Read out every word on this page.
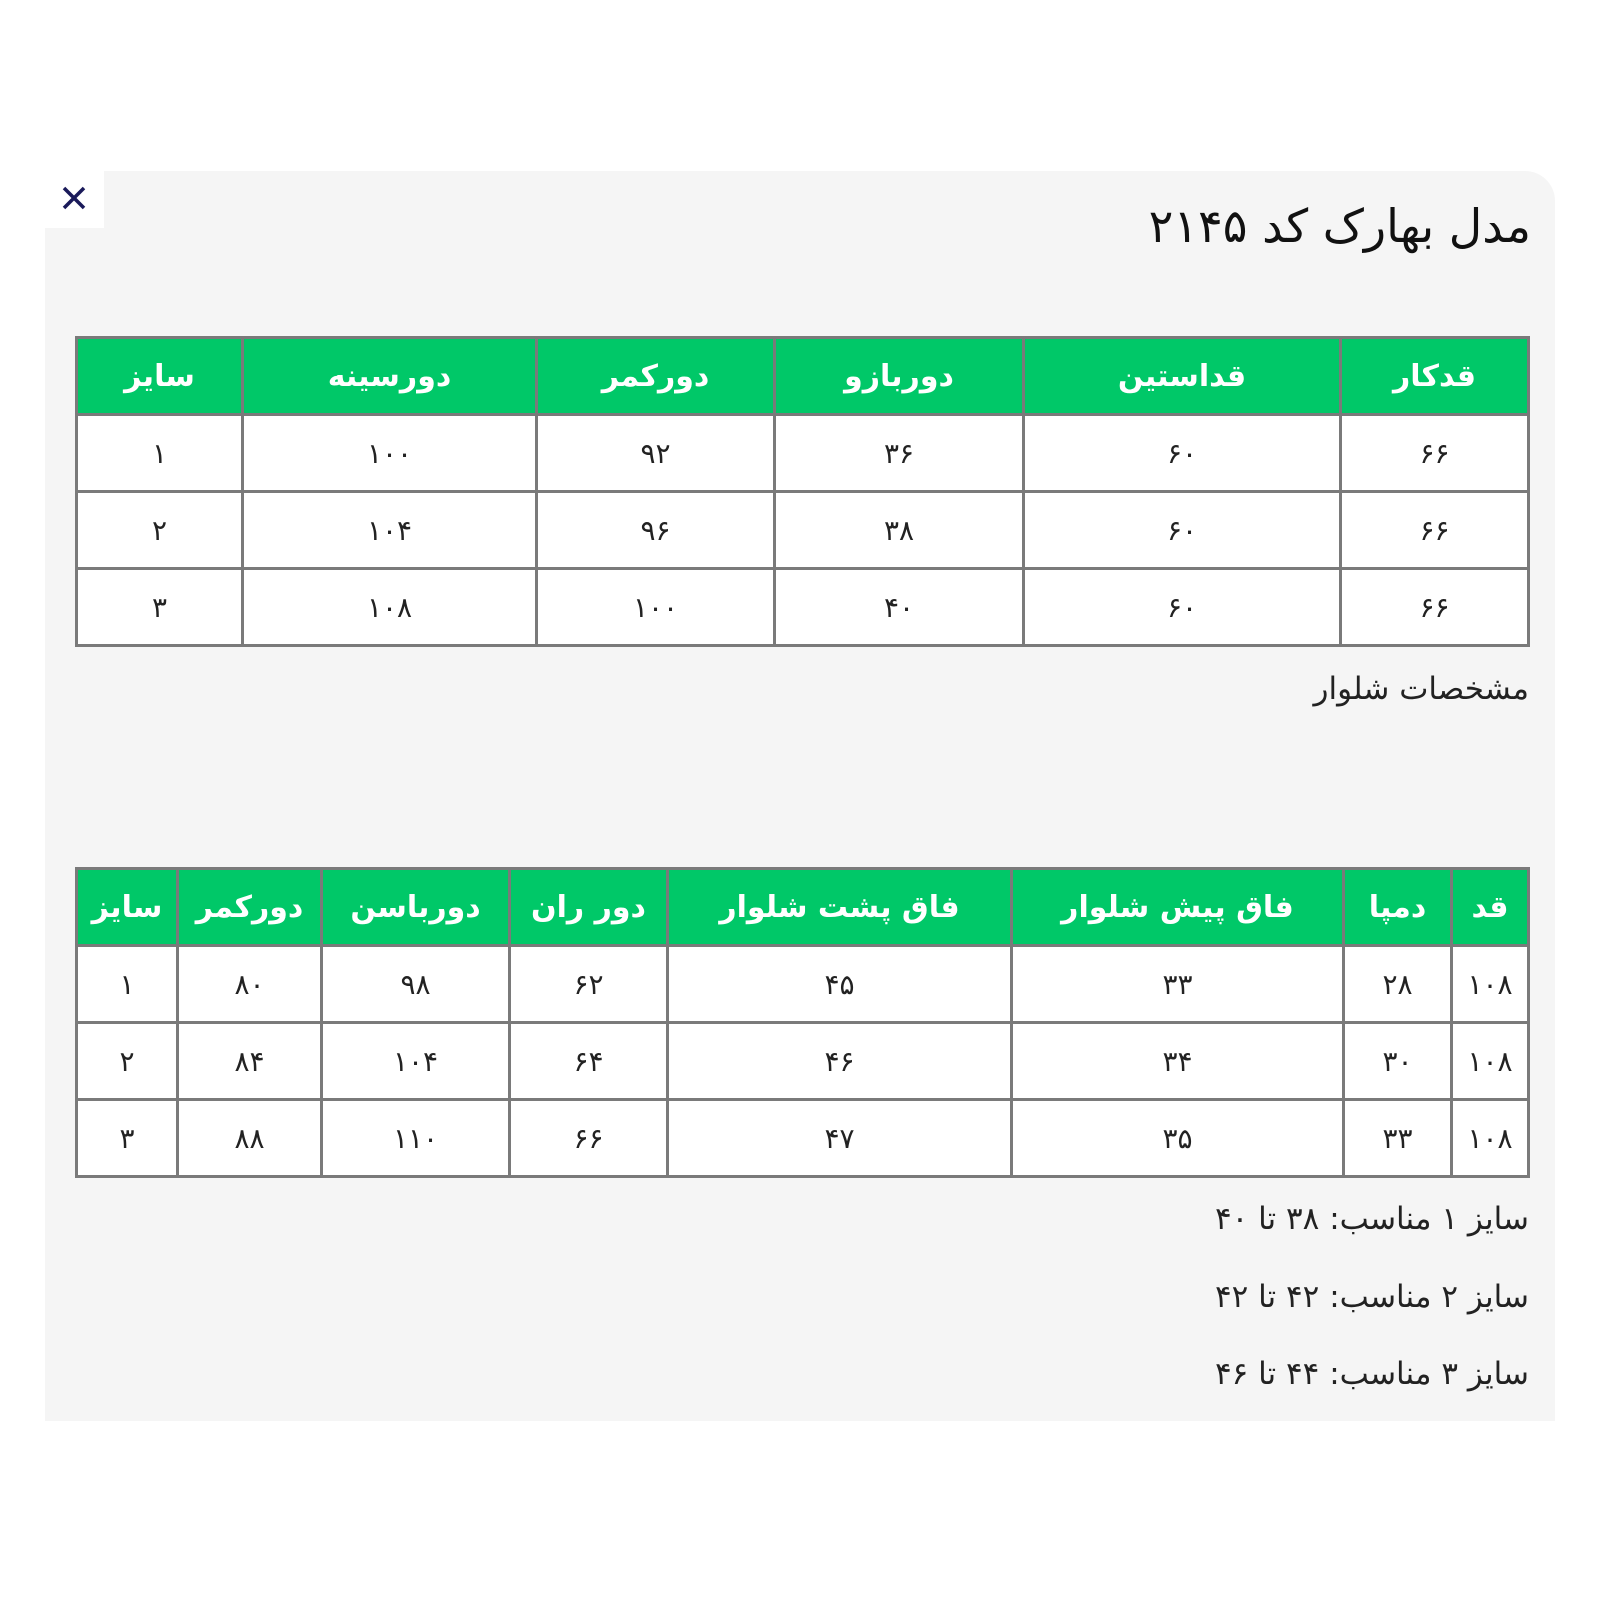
مدل بهارک کد ۲۱۴۵
قدکار	قداستین	دوربازو	دورکمر	دورسینه	سایز
۶۶	۶۰	۳۶	۹۲	۱۰۰	۱
۶۶	۶۰	۳۸	۹۶	۱۰۴	۲
۶۶	۶۰	۴۰	۱۰۰	۱۰۸	۳

مشخصات شلوار

قد	دمپا	فاق پیش شلوار	فاق پشت شلوار	دور ران	دورباسن	دورکمر	سایز
۱۰۸	۲۸	۳۳	۴۵	۶۲	۹۸	۸۰	۱
۱۰۸	۳۰	۳۴	۴۶	۶۴	۱۰۴	۸۴	۲
۱۰۸	۳۳	۳۵	۴۷	۶۶	۱۱۰	۸۸	۳

سایز ۱ مناسب: ۳۸ تا ۴۰

سایز ۲ مناسب: ۴۲ تا ۴۲

سایز ۳ مناسب: ۴۴ تا ۴۶
